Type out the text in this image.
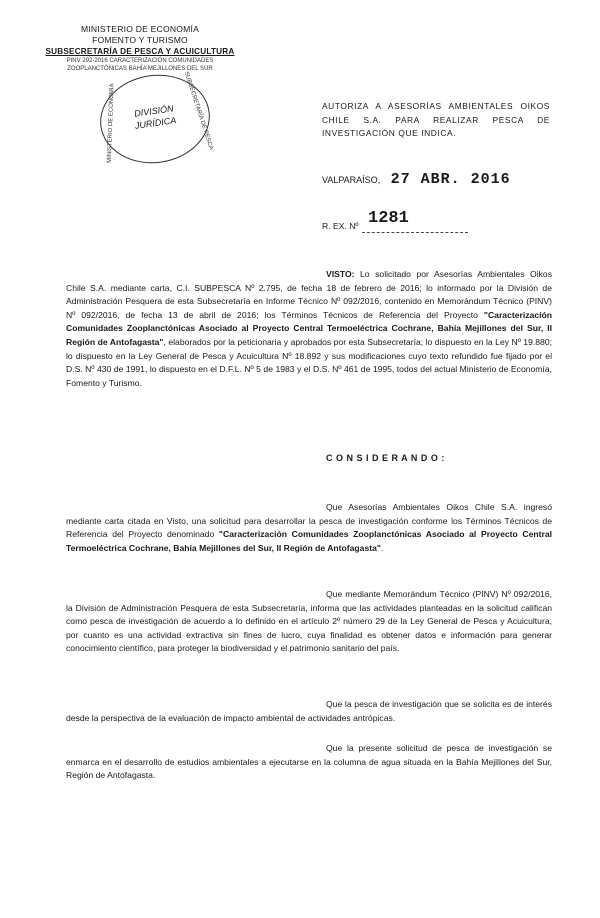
MINISTERIO DE ECONOMÍA
FOMENTO Y TURISMO
SUBSECRETARÍA DE PESCA Y ACUICULTURA
PINV 292-2016 CARACTERIZACIÓN COMUNIDADES
ZOOPLANCTÓNICAS BAHÍA MEJILLONES DEL SUR
MINISTERIO DE ECONOMÍA	SUBSECRETARÍA DE PESCA
DIVISIÓN
JURÍDICA
AUTORIZA A ASESORÍAS AMBIENTALES OIKOS CHILE S.A. PARA REALIZAR PESCA DE INVESTIGACIÓN QUE INDICA.
VALPARAÍSO, 27 ABR. 2016
R. EX. Nº 1281
VISTO: Lo solicitado por Asesorías Ambientales Oikos Chile S.A. mediante carta, C.I. SUBPESCA Nº 2.795, de fecha 18 de febrero de 2016; lo informado por la División de Administración Pesquera de esta Subsecretaría en Informe Técnico Nº 092/2016, contenido en Memorándum Técnico (PINV) Nº 092/2016, de fecha 13 de abril de 2016; los Términos Técnicos de Referencia del Proyecto "Caracterización Comunidades Zooplanctónicas Asociado al Proyecto Central Termoeléctrica Cochrane, Bahía Mejillones del Sur, II Región de Antofagasta", elaborados por la peticionaria y aprobados por esta Subsecretaría; lo dispuesto en la Ley Nº 19.880; lo dispuesto en la Ley General de Pesca y Acuicultura Nº 18.892 y sus modificaciones cuyo texto refundido fue fijado por el D.S. Nº 430 de 1991, lo dispuesto en el D.F.L. Nº 5 de 1983 y el D.S. Nº 461 de 1995, todos del actual Ministerio de Economía, Fomento y Turismo.
C O N S I D E R A N D O :
Que Asesorías Ambientales Oikos Chile S.A. ingresó mediante carta citada en Visto, una solicitud para desarrollar la pesca de investigación conforme los Términos Técnicos de Referencia del Proyecto denominado "Caracterización Comunidades Zooplanctónicas Asociado al Proyecto Central Termoeléctrica Cochrane, Bahía Mejillones del Sur, II Región de Antofagasta".
Que mediante Memorándum Técnico (PINV) Nº 092/2016, la División de Administración Pesquera de esta Subsecretaría, informa que las actividades planteadas en la solicitud califican como pesca de investigación de acuerdo a lo definido en el artículo 2º número 29 de la Ley General de Pesca y Acuicultura, por cuanto es una actividad extractiva sin fines de lucro, cuya finalidad es obtener datos e información para generar conocimiento científico, para proteger la biodiversidad y el patrimonio sanitario del país.
Que la pesca de investigación que se solicita es de interés desde la perspectiva de la evaluación de impacto ambiental de actividades antrópicas.
Que la presente solicitud de pesca de investigación se enmarca en el desarrollo de estudios ambientales a ejecutarse en la columna de agua situada en la Bahía Mejillones del Sur, Región de Antofagasta.
